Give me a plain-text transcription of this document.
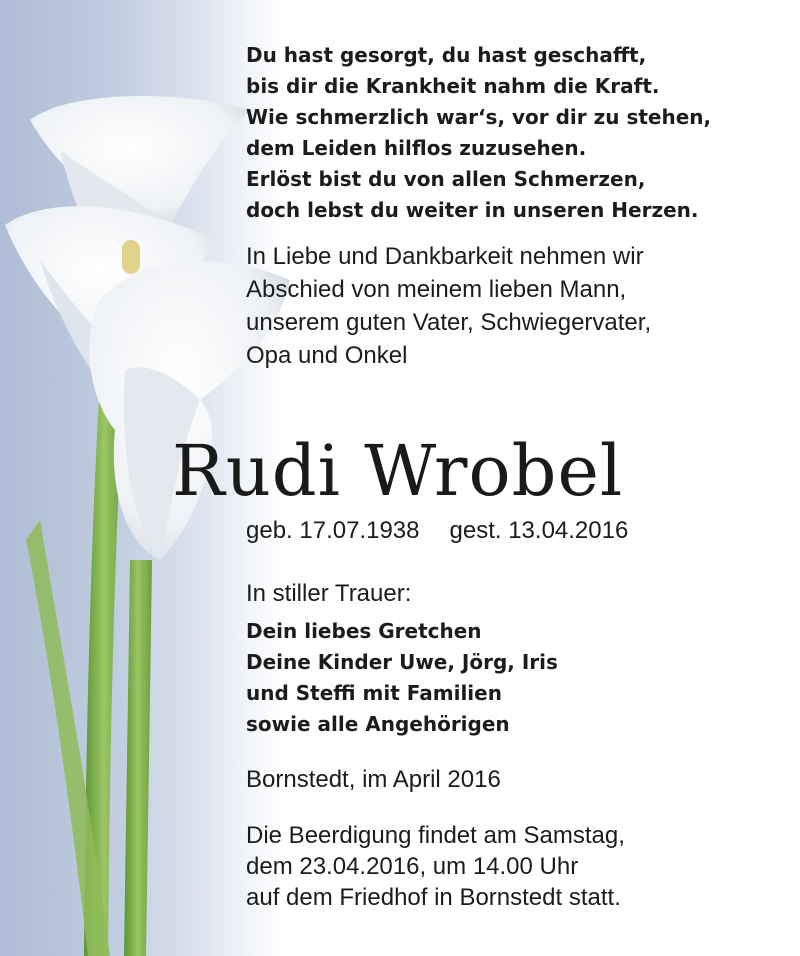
Du hast gesorgt, du hast geschafft,
bis dir die Krankheit nahm die Kraft.
Wie schmerzlich war‘s, vor dir zu stehen,
dem Leiden hilflos zuzusehen.
Erlöst bist du von allen Schmerzen,
doch lebst du weiter in unseren Herzen.
In Liebe und Dankbarkeit nehmen wir
Abschied von meinem lieben Mann,
unserem guten Vater, Schwiegervater,
Opa und Onkel
Rudi Wrobel
geb. 17.07.1938 gest. 13.04.2016
In stiller Trauer:
Dein liebes Gretchen
Deine Kinder Uwe, Jörg, Iris
und Steffi mit Familien
sowie alle Angehörigen
Bornstedt, im April 2016
Die Beerdigung findet am Samstag,
dem 23.04.2016, um 14.00 Uhr
auf dem Friedhof in Bornstedt statt.
